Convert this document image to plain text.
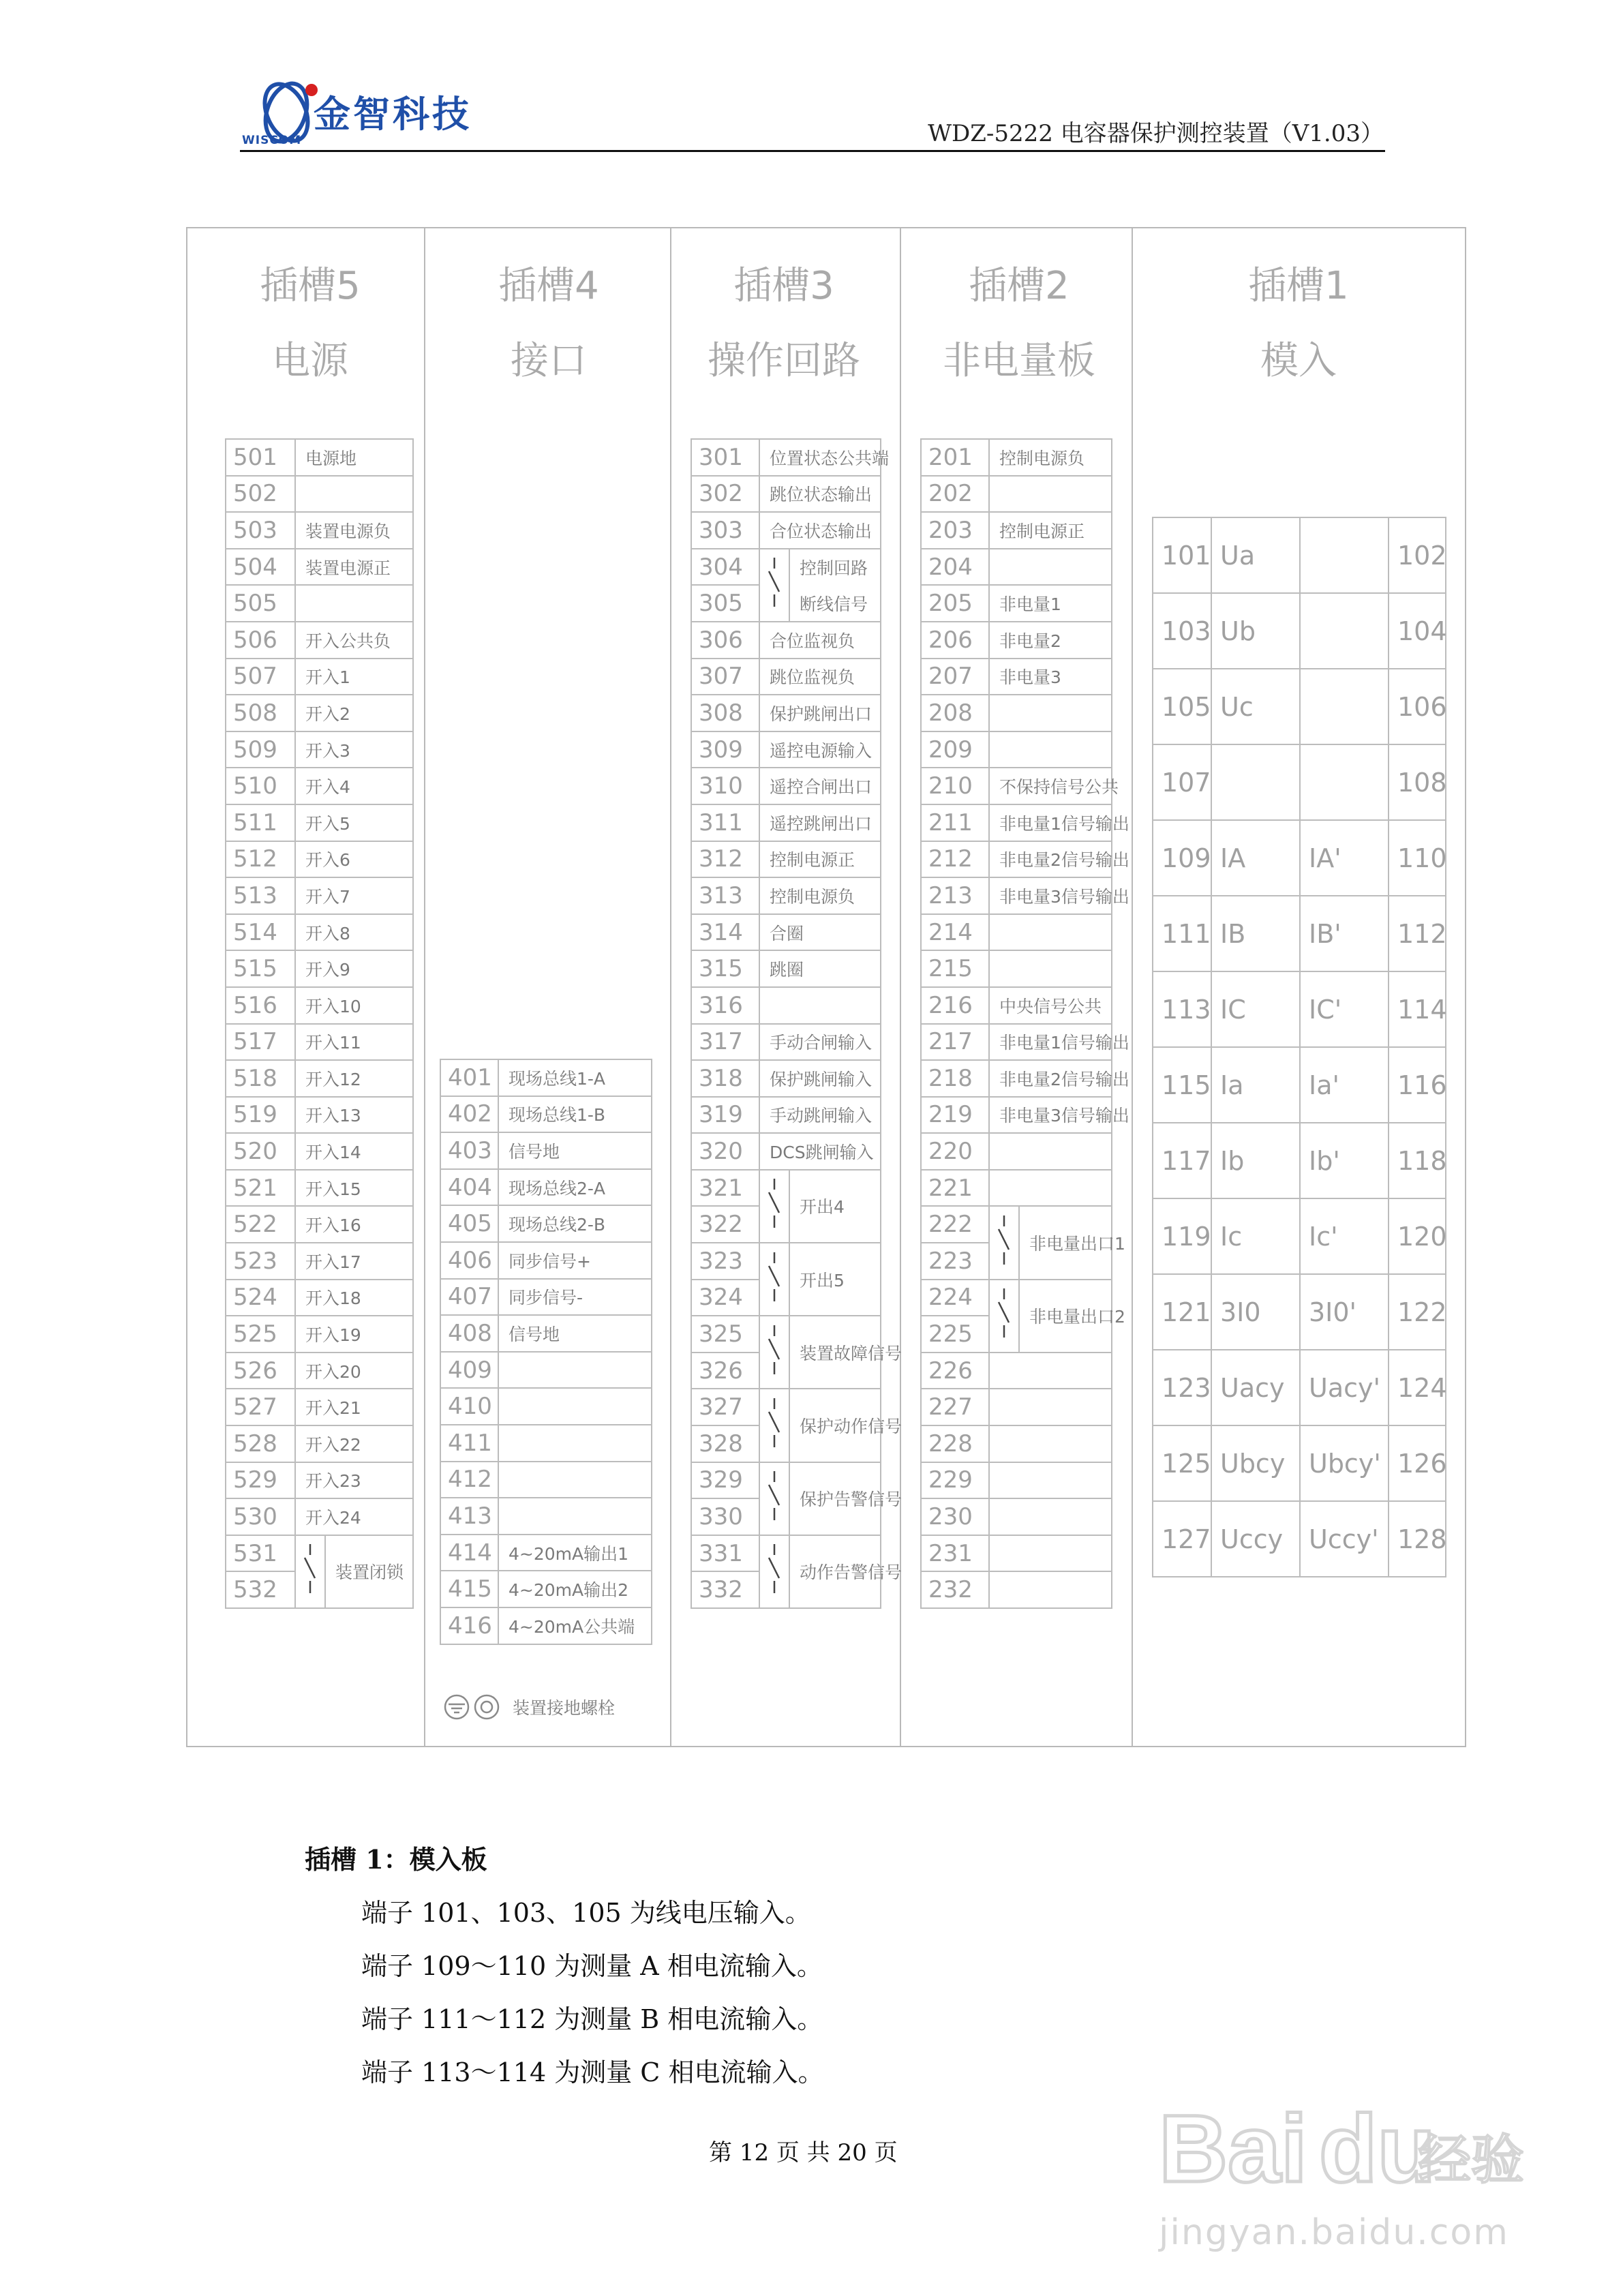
金智科技
WISCOM	WDZ-5222 电容器保护测控装置（V1.03）
插槽5
电源
插槽4
接口
插槽3
操作回路
插槽2
非电量板
插槽1
模入
501	电源地	
502		
503	装置电源负	
504	装置电源正	
505		
506	开入公共负	
507	开入1	
508	开入2	
509	开入3	
510	开入4	
511	开入5	
512	开入6	
513	开入7	
514	开入8	
515	开入9	
516	开入10	
517	开入11	
518	开入12	
519	开入13	
520	开入14	
521	开入15	
522	开入16	
523	开入17	
524	开入18	
525	开入19	
526	开入20	
527	开入21	
528	开入22	
529	开入23	
530	开入24	
531		装置闭锁
532		
401	现场总线1-A
402	现场总线1-B
403	信号地
404	现场总线2-A
405	现场总线2-B
406	同步信号+
407	同步信号-
408	信号地
409	
410	
411	
412	
413	
414	4~20mA输出1
415	4~20mA输出2
416	4~20mA公共端
装置接地螺栓
301	位置状态公共端	
302	跳位状态输出	
303	合位状态输出	
304		控制回路
305		断线信号
306	合位监视负	
307	跳位监视负	
308	保护跳闸出口	
309	遥控电源输入	
310	遥控合闸出口	
311	遥控跳闸出口	
312	控制电源正	
313	控制电源负	
314	合圈	
315	跳圈	
316		
317	手动合闸输入	
318	保护跳闸输入	
319	手动跳闸输入	
320	DCS跳闸输入	
321		开出4
322		
323		开出5
324		
325		装置故障信号
326		
327		保护动作信号
328		
329		保护告警信号
330		
331		动作告警信号
332		
201	控制电源负	
202		
203	控制电源正	
204		
205	非电量1	
206	非电量2	
207	非电量3	
208		
209		
210	不保持信号公共	
211	非电量1信号输出	
212	非电量2信号输出	
213	非电量3信号输出	
214		
215		
216	中央信号公共	
217	非电量1信号输出	
218	非电量2信号输出	
219	非电量3信号输出	
220		
221		
222		非电量出口1
223		
224		非电量出口2
225		
226		
227		
228		
229		
230		
231		
232		
101	Ua		102
103	Ub		104
105	Uc		106
107			108
109	IA	IA'	110
111	IB	IB'	112
113	IC	IC'	114
115	Ia	Ia'	116
117	Ib	Ib'	118
119	Ic	Ic'	120
121	3I0	3I0'	122
123	Uacy	Uacy'	124
125	Ubcy	Ubcy'	126
127	Uccy	Uccy'	128
插槽 1：模入板
端子 101、103、105 为线电压输入。
端子 109～110 为测量 A 相电流输入。
端子 111～112 为测量 B 相电流输入。
端子 113～114 为测量 C 相电流输入。
第 12 页 共 20 页	Bai du
经验
jingyan.baidu.com
